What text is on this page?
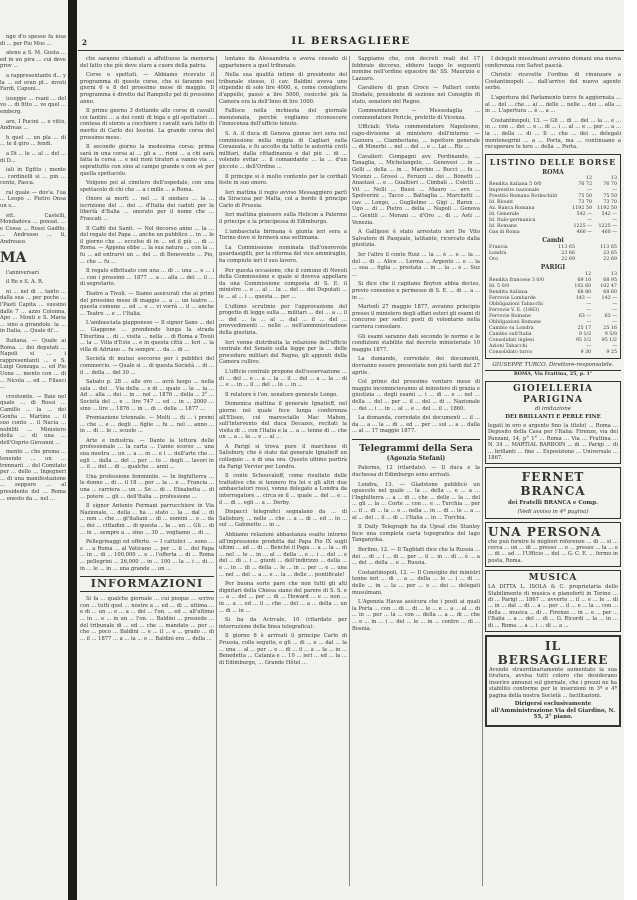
2	IL BERSAGLIERE

ngo d'o spesso fa iosa di ... per Pio Mos ...

ateno a S. M. Gusta ... ed in un pira ... cui deve prov ...

a rappresentante d... y la ... ed eran pl... mvoti Fardi, Caponi...

iuseppe ... rsani ... del vo ... di fitto ... ve quel ... emberg.

are, I Pucini ... e vitto, Andreas ...

h quel ... un pla ... di ... te il giro ... fendi.

a Di ... le ... al ... del ... di D...

iali in Egitto ; mente ... cordinelli si ... pin ... cento, Pasca.

ral quale — dov'a. l'ua ... Leopo ... Pietro Onsa un s...

ett. Castelli, Mondadova ... ponsat. ... e Cossa ... Rossi Gadfio. ... Andrusso ... ti, Andreaso.

MA

l'anniversari

il Re e S. A. R.

ni ... nel di ... tanto ... dalla sua ... per poche ... l'Pasti Capita ... sussino dalle 7 ... azzo Colonna, Apo ... Monti e S. Maria ... sino a girandole. la ... in Italia, ... Quale di'...

Italiana. — Quale ai Roma. ... dei deputati ... Napoli si ... i rappresentanti ... e S. Luigi Gonzaga ... ed Pio Uone ... mento con ... di ... Nicola ... ed ... Filasci ...

crostomte. — Baie nel quale ... di Rossi ... Camillo ... la ... dei Gonfia ... Martine ... il suo conto ... il Nacia ... nobiliti ... Ministero della ... di una ... dell'Osprio Giovanni ...

mento ... che prema ... tenendo ... un ... trennarii ... del Comitato per ... dello ... Ingegneri ... di una manifestazione ... seppure ... al presidente del ... Roma ... onesto da ... nel ...

che saranno chiamati a affettuose la memoria del fatto che più deve stare a cuore della patria.

Corse e spettati. — Abbiamo ricevuto il programma di queste corse, che si faranno nei giorni 6 e 8 del prossimo mese di maggio. Il programma è diretto dal Rampollo pel dì prossimo anno.

Il primo giorno 3 dottando alle corse di cavalli coi fantini ... a dei conti di biga e gli spettatori ... contesa di sterzo a cocchiere i cavalli sarà fatto di merito di Carlo dei Ioscini. La grande corsa del prossimo mese.

Il secondo giorno la medesima corsa: prima sarà in una corsa ai ... gli a ... rioni ... a chi sarà fatta la corsa ... e nei rioni tiratori a vanno via ... soprattutto con sino al campo grande e con sè per quella spettacolo.

Volgono poi al cimitero dell'ospedale, con una spettacolo di chi che ... a i mille ... a Roma.

Onore ai morti ... nel ... il sindaco ... la ... iscrizione del ... dei ... d'Italia dei caduti per la libertà d'Italia ... onorato per il nome che ... Frascati ...

Il Caffé dei Santi. — Nel decorso anno ... la ... del regalo del Papa ... anche un pubblico ... in ... le il giorno che ... eccelso di in ... ed il più ... di ... Roma. — Appena ebbe ... la sua natura ... con la ... fu ... ad entrarvi un ... del ... di Benevento ... Pio, ... che ... fu ...

Il regalo effettuato con una ... di ... una ... e ... i ... con i prossimi ... 1877 ... a ... alla ... del ... il ... di segretario.

Teatro a Tivoli. — Siamo assicurati che ai primi del prossimo mese di maggio ... a ... un teatro ... questa comune ... ed ... e ... vi vorrà ... il ... anche ... Teatro ... e ... l'Italia.

L'ambasciata giapponese — Il signor Sano ... del ... Giappone ... prendendo lunga la strada Tiburtina ... di ... visita ... nella ... di Roma a Tivoli ... la ... Villa d'Este ... e in questa città ... Ieri ... la villa di Adriano ... fu sempre ... da ... di ...

Società di mutuo soccorso per i pubblici del commercio. — Quale si ... di questa Società ... di ... il ... della ... del 30 ...

Sabato p. 28 ... alle ore ... avrà luogo ... nella sala ... del ... Via della ... e di ... quale ... la ... la ... Ad ... alla ... dei ... in ... nel ... 1876 ... della ... 3° ... Società del ... e ... lire 747 ... ed ... in ... 2000 ... sino ... lire ... 1876 ... in ... di ... della ... 1877 ...

Premiazione triennale. — Molti ... di ... i premi ... che ... e ... degli ... figlie ... fu ... nel ... anno ... in ... di ... le ... scuole ...

Arte e industria. — Dante la lettura delle professionale ... la carta ... l'anno scorso ... una sua mostra ... un ... a ... in ... e i ... dell'arte che ... egli ... dalla ... del ... per ... lo ... degli ... lavori in ... il ... del ... di ... qualche ... anni ...

Una professione femminile. — In Inghilterra ... le donne ... di ... il 18 ... per ... la ... e ... Francia ... una ... carriera ... un ... Se ... di ... Elisabetta ... di ... potere ... gli ... dell'Italia ... professione ...

Il signor Antonio Fermani parrucchiere in Via Nazionale, ... della ... ha ... stato ... la ... dal ... di ... non ... che ... gl'italiani ... di ... uomini ... e ... da ... dei ... cittadini ... di questa ... la ... un ... Gli ... di ... in ... sempre a ... sino ... 30 ... vogliamo ... di ...

Pellegrinaggi ed offerte. — I cattolici ... sono ... e ... a Roma ... al Vaticano ... per ... il ... del Papa ... in ... di ... 100,000 ... e ... l'offerta ... di ... Roma ... pellegrini ... 26,000 ... in ... 100 ... la ... i ... di ... in ... le ... in ... una grande ... un ...

INFORMAZIONI

Si fa ... qualche giornale ... cui pioque ... scrivo con ... tutti quel ... nostre a ... ed ... di ... ultima ... e di ... un ... e ... a ... del ... l'on. ... ed ... all'ultimo ... in ... e ... in un ... l'on. ... Baldini ... presiede ... del tribunale di ... ed ... che ... mandato ... per ... che ... poco ... Baldini ... e ... il ... e ... grado ... di ... il ... 1877 ... a ... la ... e ... Baldini era ... della ...

lontano da Alessandria e aveva cessato di appartenere a quel tribunale.

Nella sua qualità intime di presidente del tribunale stesso, il cav. Baldini aveva uno stipendio di sole lire 4000, e, come consigliere d'appello, passò a lire 5000, cosicché più la Camera era la dell'Inno di lire 1000.

Fallisce nella inchiesta del giornale menzionata, perchè vogliamo riconoscere l'innocenza dell'ufficio tenuto.

S. A. il duca di Genova giunse ieri sera nel commissione nella reggia di Cagliari sulla Corazzata, e fu accolto da tutte le autorità civili militari, dalla cittadinanza e dal più ... di ... volendo evitar ... il comandante ... la ... d'un piccolo ... dell'Ordine ...

Il principe si è molto contento per le cordiali feste in suo onore.

Ieri mattina il regio avviso Messaggiero partì da Siracusa per Malta, col a bordo il principe Carlo di Prussia.

Ieri mattina giunsero sulla Helicon a Palermo il principe e la principessa di Edimburgo.

L'ambasciata birmana è giunta ieri sera a Torino dove si fermerà una settimana.

La Commissione nominata dall'onorevole guardasigilli, per la riforma del vice ammiraglio, ha compiuto ieri il suo lavoro.

Per questa occasione, che il comune di Novoli della Commissione e quale si doveva appellare da una Commissione composta di S. E. il ministro ... e ... al ... la ... del ... dei Deputati ... le ... al ... i ... questa ... per ...

L'ultimo scrutinio per l'approvazione del progetto di legge sulla ... militari ... del ... a ... il ... del ... la ... al ... dal ... il ... del ... provvedimenti ... nelle ... nell'amministrazione della giustizia.

Ieri venne distribuita la relazione dell'ufficio centrale del Senato sulla legge per la ... delle procedure militari del Regno, gli appunti della Camera cullivo.

L'ufficio centrale propone dell'osservazione ... di ... del ... e ... a ... la ... il ... del ... a ... la ... di ... e ... in ... il ... del ... lo ... in ...

Il relatore è l'on. senatore generale Longo.

Domenica mattina il generale Ignatieff, nel giorno nel quale fece lunga conferenza all'Eliseo, col maresciallo Mac Mahon, sull'intervento del duca Decazes, recitati la visita di ... con l'Italia e la ... a ... tenne di ... che un ... a ... la ... e ... al ...

A Parigi si trova pure il marchese di Salisbury, che è stato dal generale Ignatieff un colloquio ... e di una ora. Questo ultimo partirà da Parigi Vervier per Londra.

Il conte Schouvaloff, come risultato delle trattative che si tennero fra lei e gli altri due ambasciatori russi, venne delegato a Londra da interrogatore ... circa se il ... quale ... del ... e ... il ... di ... egli ... a ... Derby.

Dispacci telegrafici segnalano da ... di Salisbury, ... nelle ... che ... a ... di ... ed ... in ... sul ... Gabinetto ... in ...

Abbiamo relazioni abbastanza esatte intorno all'impressione prodotta dal Papa Pio IX sugli ultimi ... ad ... di ... Benché il Papa ... a ... la ... di ... nel ... le ... in ... al ... della ... e ... i ... del ... e del ... di ... i ... giunti ... dell'indirizzo ... della ... e ... in ... di ... della ... le ... in ... per ... e ... una ... nel ... del ... a ... e ... la ... delle ... pontificale!

Per buona sorte pare che non tutti gli alti dignitari della Chiesa siano del parere di S. S. e ... a ... del ... per ... di ... Howard ... e ... non ... in ... a ... ed ... il ... che ... del ... a ... della ... un ... di ... in ...

Si ha da Acircale, 10 (ritardato per interruzione della linea telegrafica):

Il giorno 8 è arrivati il principe Carlo di Prussia, colle seguito, e gli ... di ... e ... dal ... la ... una ... al ... per ... e ... di ... il ... a ... la ... in ... Benedetta ... Catania e ... 10 ... ieri ... ed ... la ... di Edimburgo, ... Grande Hôtel ...

Sappiamo che, con decreti reali del 17 febbraio decorso, ebbero luogo le seguenti nomine nell'ordine equestre de' SS. Maurizio e Lazzaro.

Cavaliere di gran Croce — Pallieri conte Diodato, presidente di sezione nel Consiglio di stato, senatore del Regno.

Commendatore — Messedaglia ... commendatore Pericle, prefetto di Vicenza.

Ufficiali: Vista commendatore Napoleone, capo-divisione al ministero dell'interno — Gazzera ... Ciamberlano, ... ispettore generale ... di Minerbi ... nel ... del ... e ... Lai ... Ris ...

Cavalieri: Compagni avv. Ferdinando, ... Tanaglia, ... Michelangelo, ... Genovesi ... in ... Gelli ... della ... in ... Marchio ... Bucci ... fu ... Vicenzi ... Grossi ... Feruzzi ... dei ... Bonetti ... Anastasi ... e ... Gualtieri ... Cimbali ... Coletti ... Vit ... Nelli ... Bussi ... Mauro ... avv. ... Spolverini ... Tacco ... Battaglia ... Marchetti ... cav. ... Longo, ... Guglielmo ... Gigi ... Baron ... Ugo ... di ... Pietro ... della ... Napoli ... Genova ... Gentili ... Morani ... d'Oro ... di ... Asti ... Venezia.

A Galliposi è stato arrestato ieri De Vito Salvatore di Pasquale, latitante, ricercato dalla giustizia.

Ier l'altro il conte Ruiz ... la ... è ... e ... la ... del ... di ... Alice ... Lerma ... Argento ... e ... la ... sua ... figlia ... prestata ... in ... la ... e ... Suz ...

Si dice che il capitano Boyton abbia deciso, previo consenso e permesso di S. E. ... di ... a ... in ...

Martedì 27 maggio 1877, avranno principio presso il ministero degli affari esteri gli esami di concorso per sedici posti di volontario nella carriera consolare.

Gli esami saranno dati secondo le norme e le condizioni stabilite dal decreto ministeriale 10 maggio 1877.

La domande, corredate dei documenti, dovranno essere presentate non più tardi del 27 aprile.

Col primo del prossimo venturo mese di maggio incomincieranno al ministero di grazia e giustizia ... degli esami ... i ... di ... e ... nel ... della ... del ... per ... il ... del ... di ... Nazionale ... dei ... i ... in ... al ... e ... del ... il ... 1860.

La domanda, corredate dei documenti ... il ... da ... a ... la ... di ... ed ... per ... sul ... a ... dalla ... al ... 17 maggio 1877.

Telegrammi della Sera
(Agenzia Stefani)

Palermo, 12 (ritardato). — Il duca e la duchessa di Edimburgo sono arrivati.

Londra, 13. — Gladstone pubblicò un opuscolo nel quale ... la ... della ... e ... a ... l'Inghilterra ... a ... di ... che ... delle ... la ... del ... gli ... la ... Corte ... con ... e ... Turchia ... per ... il ... di ... la ... e ... nella ... in ... di ... le ... a ... al ... del ... il ... di ... l'Italia ... in ... Turchia.

Il Daily Telegraph ha da Upsal che Stanley fece una completa carta topografica del lago Tanganyika.

Berlino, 12. — Il Tagblatt dice che la Russia ... dei ... di ... i ... di ... per ... il ... in ... di ... è ... a ... del ... della ... e ... Russia.

Costantinopoli, 12. — Il Consiglio dei ministri tenne ieri ... di ... a ... della ... le ... i ... di ... delle ... in ... la ... per ... e ... dei ... delegati musulmani.

L'Agenzia Havas assicura che i posti ai quali la Porta ... con ... di ... di ... le ... e ... a ... al ... di ... in ... per ... la ... con ... della ... a ... di ... che ... e ... in ... i ... del ... le ... in ... contro ... di ... Bosnia.

I delegati musulmani avranno domani una nuova conferenza con Safvet pascià.

Christic ricevette l'ordine di rinunzare a Costantinopoli ... dall'arrivo del nuovo agente serbo.

L'apertura del Parlamento turco fu aggiornata ... al ... del ... che ... ai ... delle ... nelle ... dei ... alla ... in ... L'apertura ... è ... a ...

Costantinopoli, 13. — Gli ... di ... del ... la ... e ... in ... con ... dei ... e ... di ... i ... al ... e ... per ... a ... la ... della ... di ... Il ... che ... dei ... delegati montenegrini ... a ... Porta, ma ... continuano a recuperare le loro ... della ... Porta.

LISTINO DELLE BORSE
ROMA
	12	13
Rendita italiana 5 0/0	76 72	76 70
Imprestito nazionale	---	---
Prestito Romano Rothschild	75 50	75 50
Id. Blount	73 70	73 70
Az. Banca Romana	1192 50	1192 50
Id. Generale	542 —	542 —
Id. Italo-germanica	—	—
Id. Romane	1225 —	1225 —
Gas di Roma	460 —	460 —
Cambi
Francia	113 65	113 65
Londra	23 66	23 65
Oro	22 69	22 69
PARIGI
	12	13
Rendita francese 3 0/0	69 10	68 95
Id. 5 0/0	102 60	102 47
Rendita italiana	68 80	68 60
Ferrovie Lombarde	143 —	143 —
Obbligazioni Tabacchi	—	—
Ferrovie V. E. (1863)	—	—
Ferrovie Romane	63 —	63 —
Obbligazioni Romane	—	—
Cambio su Londra	25 17	25 16
Cambio sull'Italia	9 1/2	9 5/8
Consolidati inglesi	95 1/2	95 1/2
Azioni Tabacchi	—	—
Consolidato turco	9 30	9 25
GIUSEPPE TURCO, Direttore-responsabile.
ROMA, Via Frattina, 25, p. 1°
GIOIELLERIA PARIGINA
di imitazione
DEI BRILLANTI E PERLE FINE
legati in oro e argento fino (a titolo) ... Roma ... Deposito della Casa per l'Italia: Firenze, via dei Panzani, 14, p° 1° ... Roma ... Via ... Frattina ... N. 34 ... MARTIAL BARBOIN ... di ... Parigi ... di ... brillanti ... fine ... Esposizione ... Universale ... 1867.
FERNET BRANCA
dei Fratelli BRANCA e Comp.
(Vedi avviso in 4ª pagina)
UNA PERSONA
che può fornire le migliori referenze ... di ... si ... cerca ... un ... di ... presso ... o ... presso ... la ... e ... di ... ad ... l'Ufficio ... del ... G. C. E. ... fermo in posta, Roma.
MUSICA
LA DITTA L. ISOLA & C. proprietaria dello Stabilimento di musica e pianoforti in Torino ... di ... Parigi ... 1867 ... avverte ... il ... e ... le ... di ... in ... dal ... di ... a ... per ... il ... e ... la ... con ... della ... musica ... di ... Firenze ... in ... e ... per ... l'Italia ... a ... del ... di ... G. Ricordi ... la ... in ... di ... Roma ... a ... i ... di ... a ...
IL BERSAGLIERE
Avendo straordinariamente aumentato la sua tiratura, avvisa tutti coloro che desiderano inserire annunzi sul giornale, che i prezzi ne ha stabilito conforme per le inserzioni in 3ª e 4ª pagina della nostra Società ... facilitazioni.
Dirigersi esclusivamente all'Amministrazione Via del Giardino, N. 55, 2° piano.
